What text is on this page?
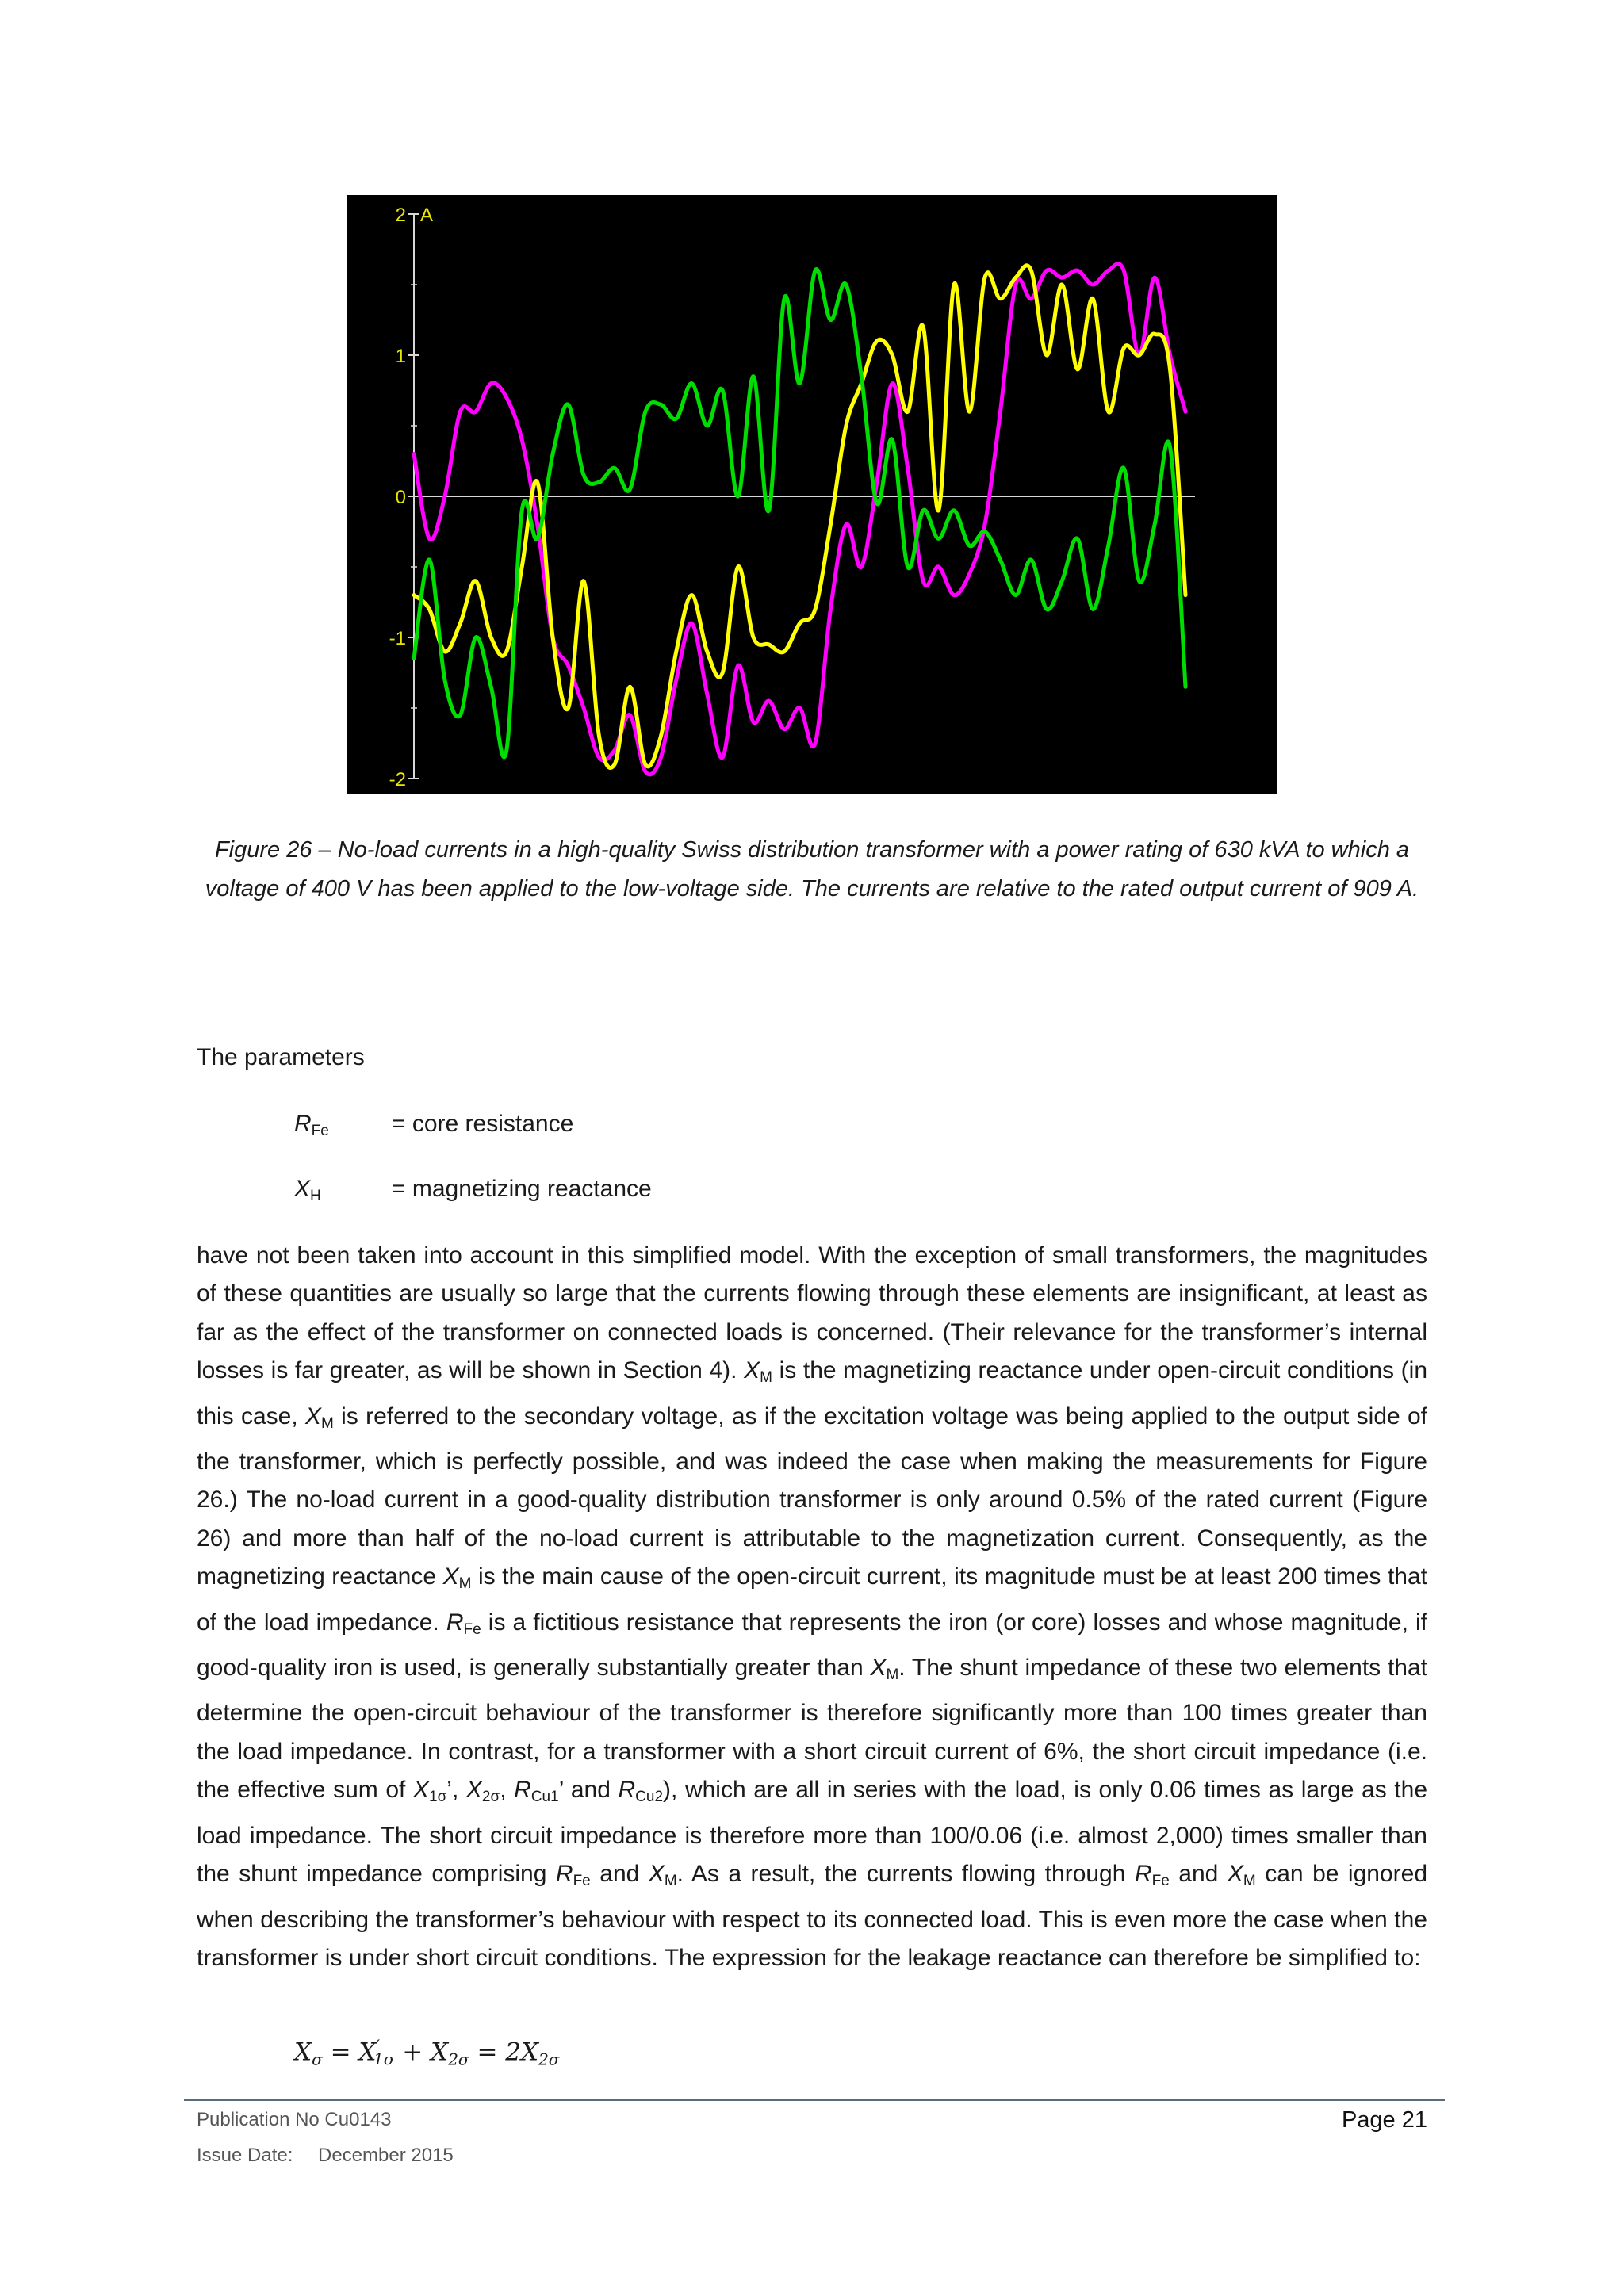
2
1
0
-1
-2
A
Figure 26 – No-load currents in a high-quality Swiss distribution transformer with a power rating of 630 kVA to which a voltage of 400 V has been applied to the low-voltage side. The currents are relative to the rated output current of 909 A.
The parameters
$R_{Fe}$	= core resistance
$X_H$	= magnetizing reactance
have not been taken into account in this simplified model. With the exception of small transformers, the magnitudes of these quantities are usually so large that the currents flowing through these elements are insignificant, at least as far as the effect of the transformer on connected loads is concerned. (Their relevance for the transformer’s internal losses is far greater, as will be shown in Section 4). $X_M$ is the magnetizing reactance under open-circuit conditions (in this case, $X_M$ is referred to the secondary voltage, as if the excitation voltage was being applied to the output side of the transformer, which is perfectly possible, and was indeed the case when making the measurements for Figure 26.) The no-load current in a good-quality distribution transformer is only around 0.5% of the rated current (Figure 26) and more than half of the no-load current is attributable to the magnetization current. Consequently, as the magnetizing reactance $X_M$ is the main cause of the open-circuit current, its magnitude must be at least 200 times that of the load impedance. $R_{Fe}$ is a fictitious resistance that represents the iron (or core) losses and whose magnitude, if good-quality iron is used, is generally substantially greater than $X_M$. The shunt impedance of these two elements that determine the open-circuit behaviour of the transformer is therefore significantly more than 100 times greater than the load impedance. In contrast, for a transformer with a short circuit current of 6%, the short circuit impedance (i.e. the effective sum of $X_{1\sigma}$’, $X_{2\sigma}$, $R_{Cu1}$’ and $R_{Cu2}$), which are all in series with the load, is only 0.06 times as large as the load impedance. The short circuit impedance is therefore more than 100/0.06 (i.e. almost 2,000) times smaller than the shunt impedance comprising $R_{Fe}$ and $X_M$. As a result, the currents flowing through $R_{Fe}$ and $X_M$ can be ignored when describing the transformer’s behaviour with respect to its connected load. This is even more the case when the transformer is under short circuit conditions. The expression for the leakage reactance can therefore be simplified to:
$X_\sigma = X'_{1\sigma} + X_{2\sigma} = 2X_{2\sigma}$
Publication No Cu0143
Issue Date: December 2015
Page 21
